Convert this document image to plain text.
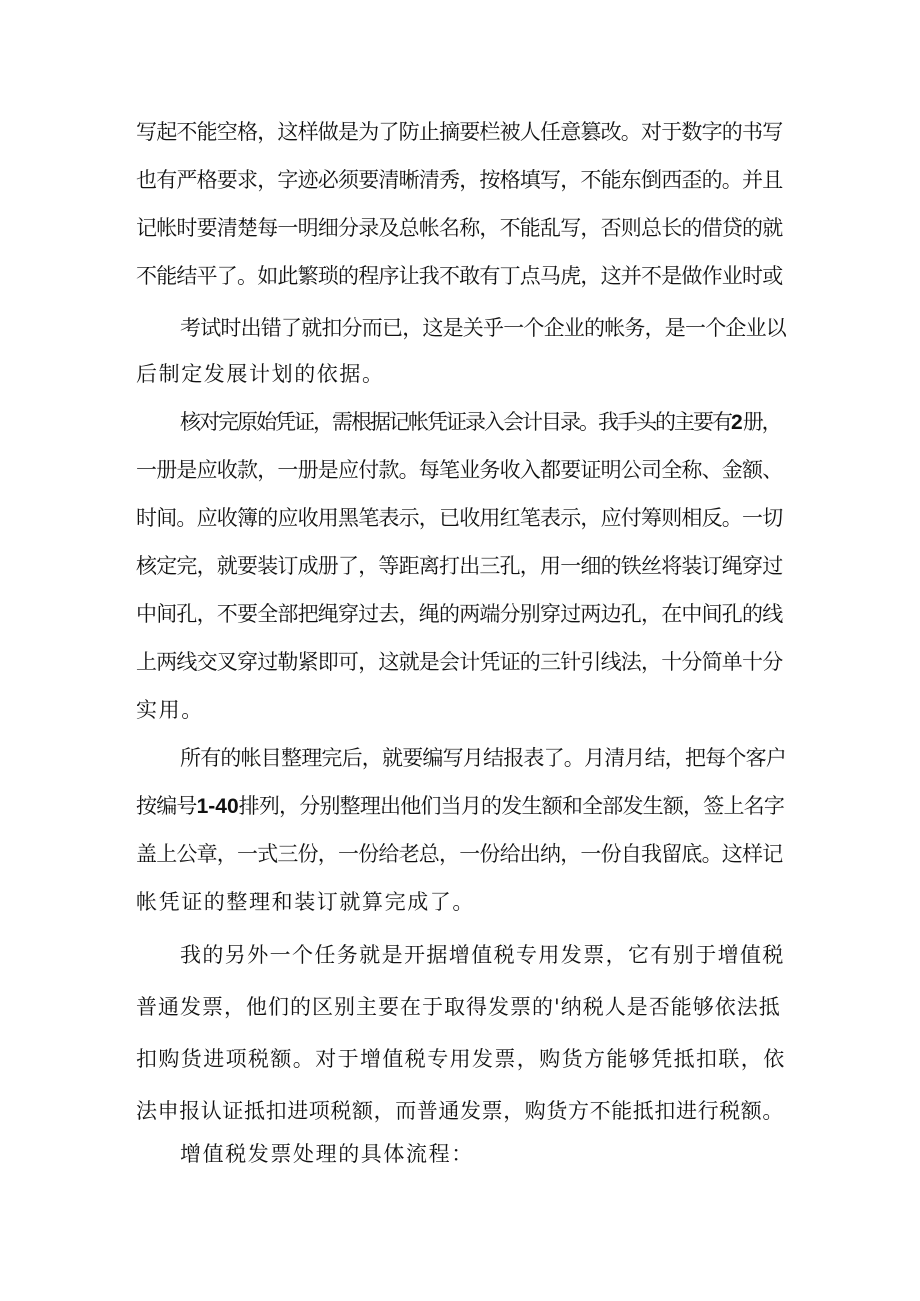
写起不能空格，这样做是为了防止摘要栏被人任意篡改。对于数字的书写
也有严格要求，字迹必须要清晰清秀，按格填写，不能东倒西歪的。并且
记帐时要清楚每一明细分录及总帐名称，不能乱写，否则总长的借贷的就
不能结平了。如此繁琐的程序让我不敢有丁点马虎，这并不是做作业时或
考试时出错了就扣分而已，这是关乎一个企业的帐务，是一个企业以
后制定发展计划的依据。
核对完原始凭证，需根据记帐凭证录入会计目录。我手头的主要有2册，
一册是应收款，一册是应付款。每笔业务收入都要证明公司全称、金额、
时间。应收簿的应收用黑笔表示，已收用红笔表示，应付筹则相反。一切
核定完，就要装订成册了，等距离打出三孔，用一细的铁丝将装订绳穿过
中间孔，不要全部把绳穿过去，绳的两端分别穿过两边孔，在中间孔的线
上两线交叉穿过勒紧即可，这就是会计凭证的三针引线法，十分简单十分
实用。
所有的帐目整理完后，就要编写月结报表了。月清月结，把每个客户
按编号1-40排列，分别整理出他们当月的发生额和全部发生额，签上名字
盖上公章，一式三份，一份给老总，一份给出纳，一份自我留底。这样记
帐凭证的整理和装订就算完成了。
我的另外一个任务就是开据增值税专用发票，它有别于增值税
普通发票，他们的区别主要在于取得发票的'纳税人是否能够依法抵
扣购货进项税额。对于增值税专用发票，购货方能够凭抵扣联，依
法申报认证抵扣进项税额，而普通发票，购货方不能抵扣进行税额。
增值税发票处理的具体流程：
